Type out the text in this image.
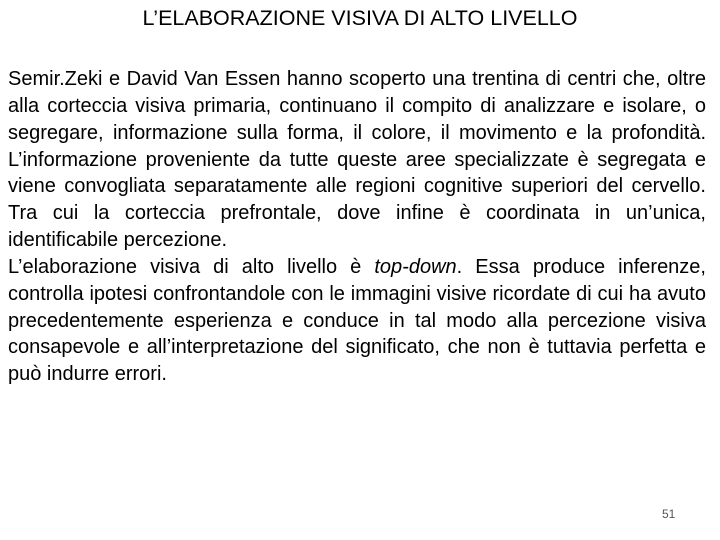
L’ELABORAZIONE VISIVA DI ALTO LIVELLO

Semir.Zeki e David Van Essen hanno scoperto una trentina di centri che, oltre alla corteccia visiva primaria, continuano il compito di analizzare e isolare, o segregare, informazione sulla forma, il colore, il movimento e la profondità. L’informazione proveniente da tutte queste aree specializzate è segregata e viene convogliata separatamente alle regioni cognitive superiori del cervello. Tra cui la corteccia prefrontale, dove infine è coordinata in un’unica, identificabile percezione.

L’elaborazione visiva di alto livello è top-down. Essa produce inferenze, controlla ipotesi confrontandole con le immagini visive ricordate di cui ha avuto precedentemente esperienza e conduce in tal modo alla percezione visiva consapevole e all’interpretazione del significato, che non è tuttavia perfetta e può indurre errori.

51
